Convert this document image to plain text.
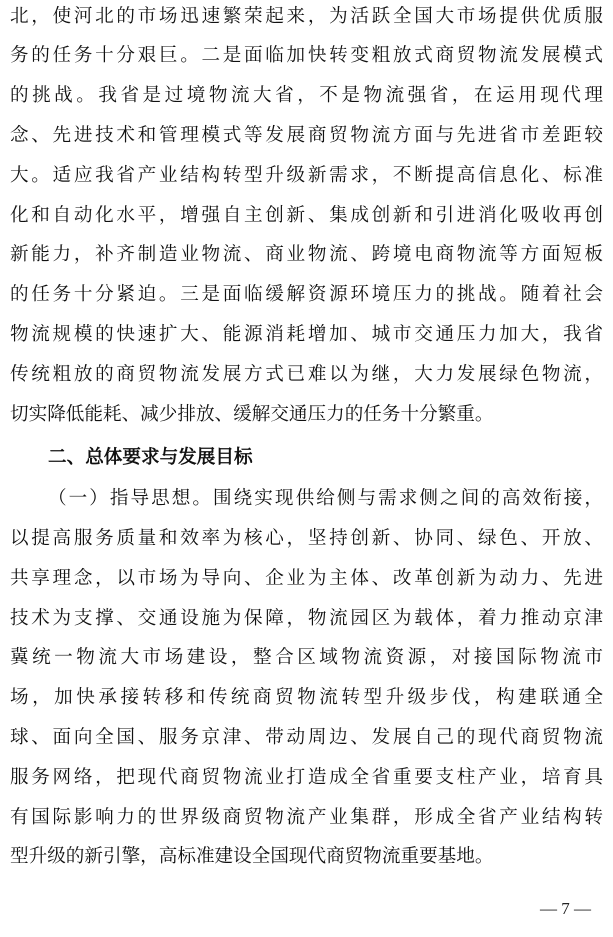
北，使河北的市场迅速繁荣起来，为活跃全国大市场提供优质服
务的任务十分艰巨。二是面临加快转变粗放式商贸物流发展模式
的挑战。我省是过境物流大省，不是物流强省，在运用现代理
念、先进技术和管理模式等发展商贸物流方面与先进省市差距较
大。适应我省产业结构转型升级新需求，不断提高信息化、标准
化和自动化水平，增强自主创新、集成创新和引进消化吸收再创
新能力，补齐制造业物流、商业物流、跨境电商物流等方面短板
的任务十分紧迫。三是面临缓解资源环境压力的挑战。随着社会
物流规模的快速扩大、能源消耗增加、城市交通压力加大，我省
传统粗放的商贸物流发展方式已难以为继，大力发展绿色物流，
切实降低能耗、减少排放、缓解交通压力的任务十分繁重。
二、总体要求与发展目标
（一）指导思想。围绕实现供给侧与需求侧之间的高效衔接，
以提高服务质量和效率为核心，坚持创新、协同、绿色、开放、
共享理念，以市场为导向、企业为主体、改革创新为动力、先进
技术为支撑、交通设施为保障，物流园区为载体，着力推动京津
冀统一物流大市场建设，整合区域物流资源，对接国际物流市
场，加快承接转移和传统商贸物流转型升级步伐，构建联通全
球、面向全国、服务京津、带动周边、发展自己的现代商贸物流
服务网络，把现代商贸物流业打造成全省重要支柱产业，培育具
有国际影响力的世界级商贸物流产业集群，形成全省产业结构转
型升级的新引擎，高标准建设全国现代商贸物流重要基地。
— 7 —
